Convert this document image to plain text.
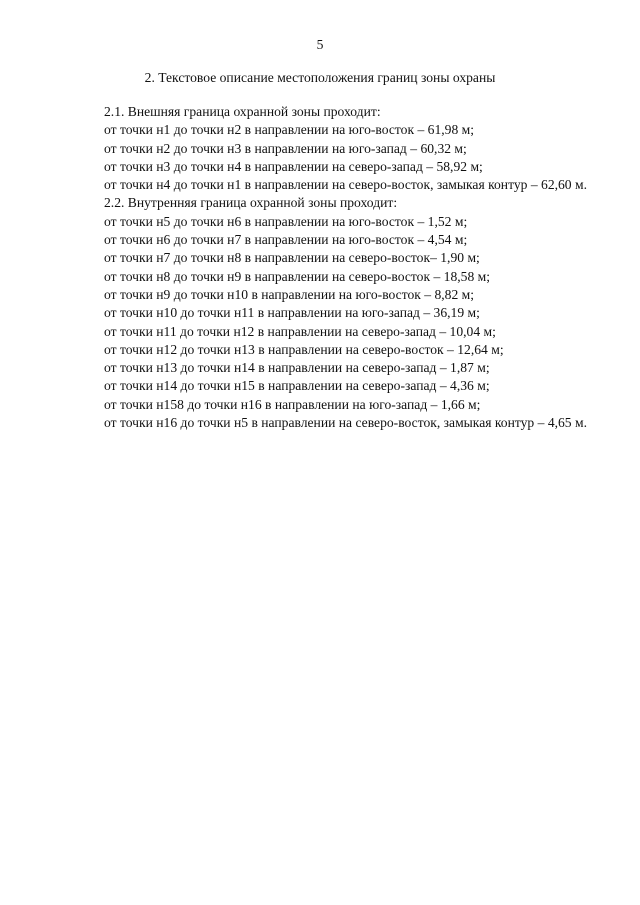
5
2. Текстовое описание местоположения границ зоны охраны
2.1. Внешняя граница охранной зоны проходит:
от точки н1 до точки н2 в направлении на юго-восток – 61,98 м;
от точки н2 до точки н3 в направлении на юго-запад – 60,32 м;
от точки н3 до точки н4 в направлении на северо-запад – 58,92 м;
от точки н4 до точки н1 в направлении на северо-восток, замыкая контур – 62,60 м.
2.2. Внутренняя граница охранной зоны проходит:
от точки н5 до точки н6 в направлении на юго-восток – 1,52 м;
от точки н6 до точки н7 в направлении на юго-восток – 4,54 м;
от точки н7 до точки н8 в направлении на северо-восток– 1,90 м;
от точки н8 до точки н9 в направлении на северо-восток – 18,58 м;
от точки н9 до точки н10 в направлении на юго-восток – 8,82 м;
от точки н10 до точки н11 в направлении на юго-запад – 36,19 м;
от точки н11 до точки н12 в направлении на северо-запад – 10,04 м;
от точки н12 до точки н13 в направлении на северо-восток – 12,64 м;
от точки н13 до точки н14 в направлении на северо-запад – 1,87 м;
от точки н14 до точки н15 в направлении на северо-запад – 4,36 м;
от точки н158 до точки н16 в направлении на юго-запад – 1,66 м;
от точки н16 до точки н5 в направлении на северо-восток, замыкая контур – 4,65 м.
